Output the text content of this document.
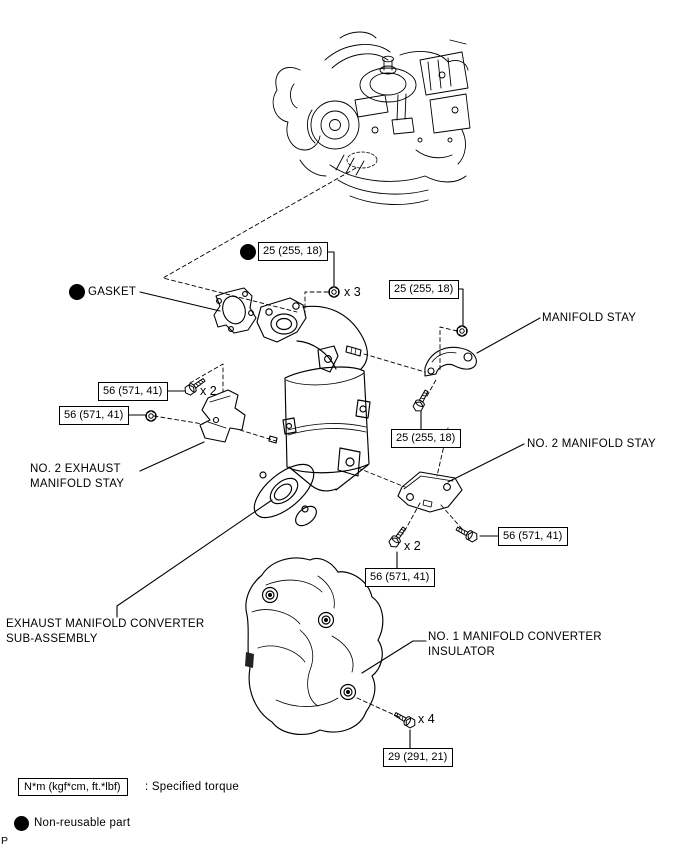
GASKET
MANIFOLD STAY
NO. 2 MANIFOLD STAY
NO. 2 EXHAUST
MANIFOLD STAY
EXHAUST MANIFOLD CONVERTER
SUB-ASSEMBLY	NO. 1 MANIFOLD CONVERTER
INSULATOR
25 (255, 18)
25 (255, 18)
25 (255, 18)
56 (571, 41)
56 (571, 41)
56 (571, 41)
56 (571, 41)
29 (291, 21)
x 3
x 2
x 2
x 4
N*m (kgf*cm, ft.*lbf)	: Specified torque
Non-reusable part
P
